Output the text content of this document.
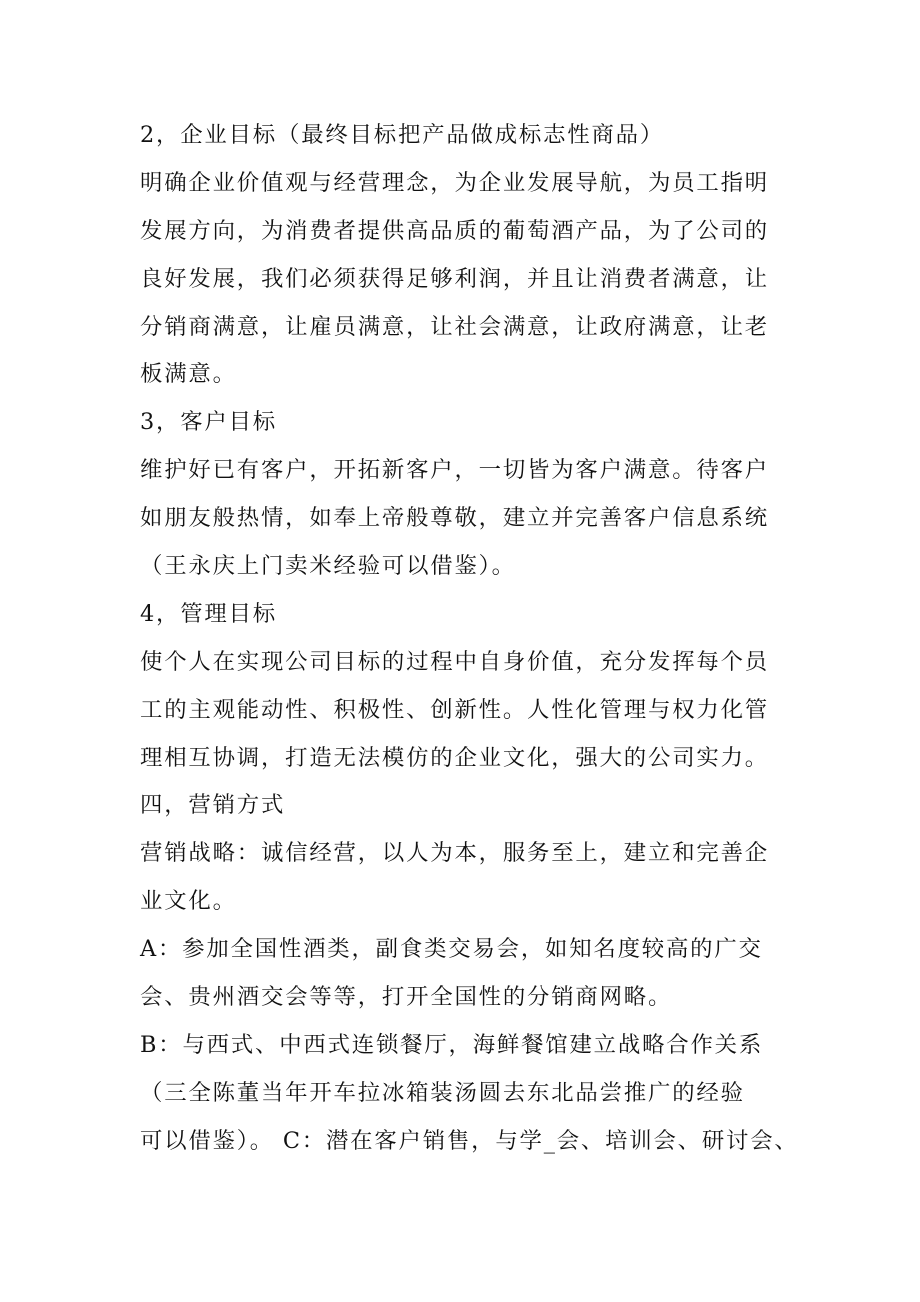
2，企业目标（最终目标把产品做成标志性商品）
明确企业价值观与经营理念，为企业发展导航，为员工指明
发展方向，为消费者提供高品质的葡萄酒产品，为了公司的
良好发展，我们必须获得足够利润，并且让消费者满意，让
分销商满意，让雇员满意，让社会满意，让政府满意，让老
板满意。
3，客户目标
维护好已有客户，开拓新客户，一切皆为客户满意。待客户
如朋友般热情，如奉上帝般尊敬，建立并完善客户信息系统
（王永庆上门卖米经验可以借鉴）。
4，管理目标
使个人在实现公司目标的过程中自身价值，充分发挥每个员
工的主观能动性、积极性、创新性。人性化管理与权力化管
理相互协调，打造无法模仿的企业文化，强大的公司实力。
四，营销方式
营销战略：诚信经营，以人为本，服务至上，建立和完善企
业文化。
A：参加全国性酒类，副食类交易会，如知名度较高的广交
会、贵州酒交会等等，打开全国性的分销商网略。
B：与西式、中西式连锁餐厅，海鲜餐馆建立战略合作关系
（三全陈董当年开车拉冰箱装汤圆去东北品尝推广的经验
可以借鉴）。 C：潜在客户销售，与学_会、培训会、研讨会、
